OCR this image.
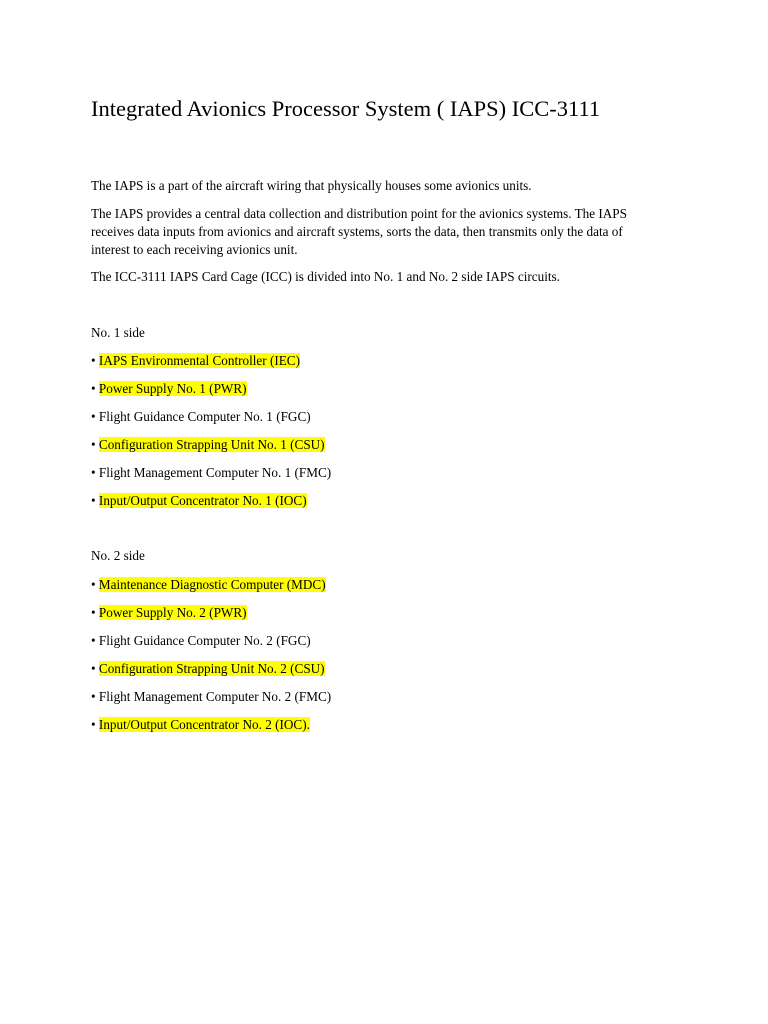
Integrated Avionics Processor System ( IAPS) ICC-3111

The IAPS is a part of the aircraft wiring that physically houses some avionics units.

The IAPS provides a central data collection and distribution point for the avionics systems. The IAPS receives data inputs from avionics and aircraft systems, sorts the data, then transmits only the data of interest to each receiving avionics unit.

The ICC-3111 IAPS Card Cage (ICC) is divided into No. 1 and No. 2 side IAPS circuits.

No. 1 side

• IAPS Environmental Controller (IEC)

• Power Supply No. 1 (PWR)

• Flight Guidance Computer No. 1 (FGC)

• Configuration Strapping Unit No. 1 (CSU)

• Flight Management Computer No. 1 (FMC)

• Input/Output Concentrator No. 1 (IOC)

No. 2 side

• Maintenance Diagnostic Computer (MDC)

• Power Supply No. 2 (PWR)

• Flight Guidance Computer No. 2 (FGC)

• Configuration Strapping Unit No. 2 (CSU)

• Flight Management Computer No. 2 (FMC)

• Input/Output Concentrator No. 2 (IOC).
